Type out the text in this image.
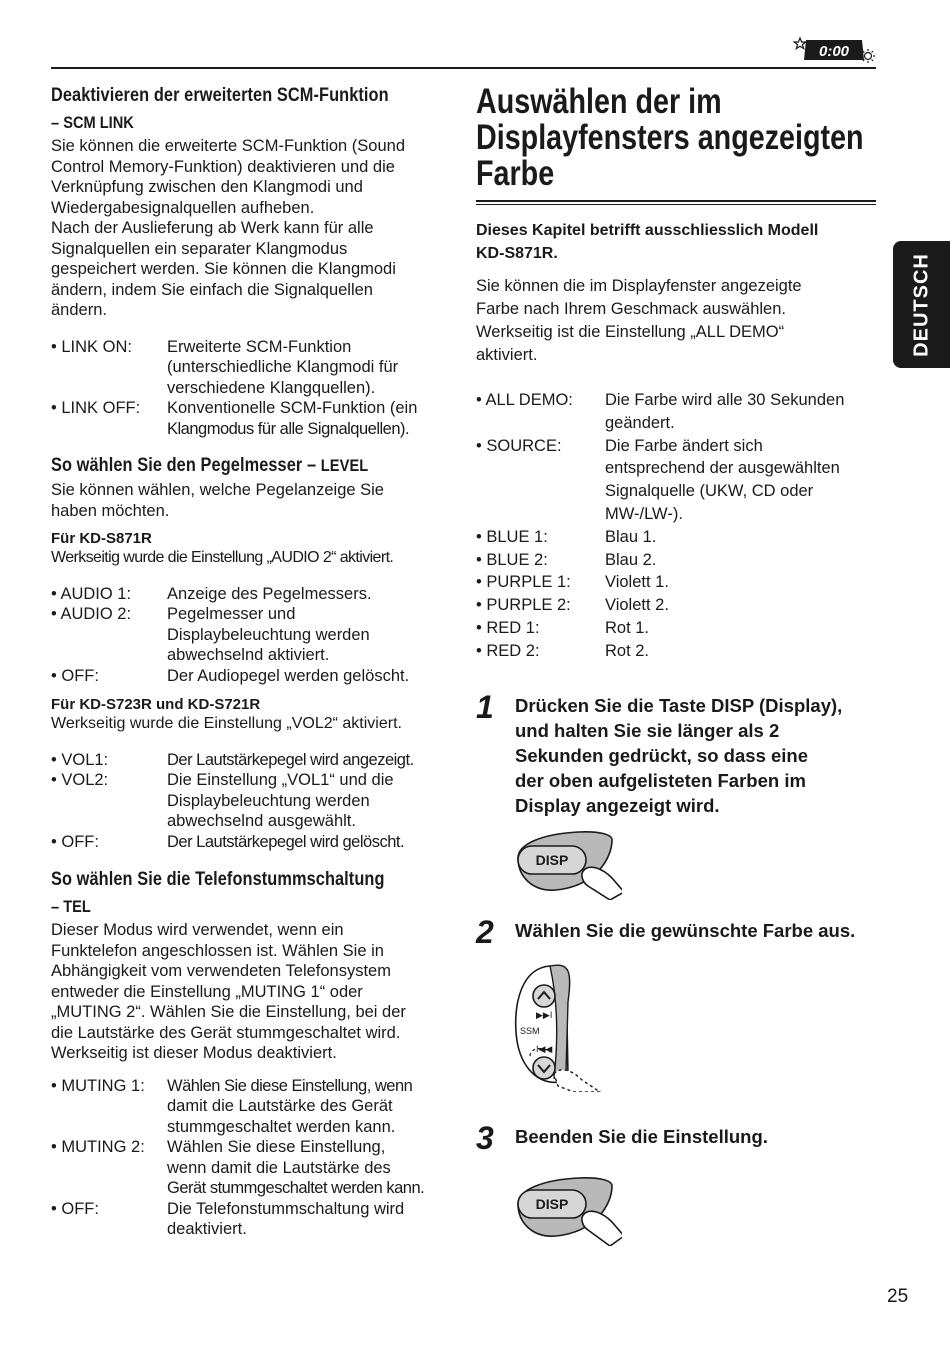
0:00
Deaktivieren der erweiterten SCM-Funktion
– SCM LINK
Sie können die erweiterte SCM-Funktion (Sound
Control Memory-Funktion) deaktivieren und die
Verknüpfung zwischen den Klangmodi und
Wiedergabesignalquellen aufheben.
Nach der Auslieferung ab Werk kann für alle
Signalquellen ein separater Klangmodus
gespeichert werden. Sie können die Klangmodi
ändern, indem Sie einfach die Signalquellen
ändern.
• LINK ON:	Erweiterte SCM-Funktion
(unterschiedliche Klangmodi für
verschiedene Klangquellen).
• LINK OFF:	Konventionelle SCM-Funktion (ein
Klangmodus für alle Signalquellen).
So wählen Sie den Pegelmesser – LEVEL
Sie können wählen, welche Pegelanzeige Sie
haben möchten.
Für KD-S871R
Werkseitig wurde die Einstellung „AUDIO 2“ aktiviert.
• AUDIO 1:	Anzeige des Pegelmessers.
• AUDIO 2:	Pegelmesser und
Displaybeleuchtung werden
abwechselnd aktiviert.
• OFF:	Der Audiopegel werden gelöscht.
Für KD-S723R und KD-S721R
Werkseitig wurde die Einstellung „VOL2“ aktiviert.
• VOL1:	Der Lautstärkepegel wird angezeigt.
• VOL2:	Die Einstellung „VOL1“ und die
Displaybeleuchtung werden
abwechselnd ausgewählt.
• OFF:	Der Lautstärkepegel wird gelöscht.
So wählen Sie die Telefonstummschaltung
– TEL
Dieser Modus wird verwendet, wenn ein
Funktelefon angeschlossen ist. Wählen Sie in
Abhängigkeit vom verwendeten Telefonsystem
entweder die Einstellung „MUTING 1“ oder
„MUTING 2“. Wählen Sie die Einstellung, bei der
die Lautstärke des Gerät stummgeschaltet wird.
Werkseitig ist dieser Modus deaktiviert.
• MUTING 1:	Wählen Sie diese Einstellung, wenn
damit die Lautstärke des Gerät
stummgeschaltet werden kann.
• MUTING 2:	Wählen Sie diese Einstellung,
wenn damit die Lautstärke des
Gerät stummgeschaltet werden kann.
• OFF:	Die Telefonstummschaltung wird
deaktiviert.
Auswählen der im
Displayfensters angezeigten
Farbe
Dieses Kapitel betrifft ausschliesslich Modell
KD-S871R.
Sie können die im Displayfenster angezeigte
Farbe nach Ihrem Geschmack auswählen.
Werkseitig ist die Einstellung „ALL DEMO“
aktiviert.
• ALL DEMO:	Die Farbe wird alle 30 Sekunden
geändert.
• SOURCE:	Die Farbe ändert sich
entsprechend der ausgewählten
Signalquelle (UKW, CD oder
MW-/LW-).
• BLUE 1:	Blau 1.
• BLUE 2:	Blau 2.
• PURPLE 1:	Violett 1.
• PURPLE 2:	Violett 2.
• RED 1:	Rot 1.
• RED 2:	Rot 2.
1	Drücken Sie die Taste DISP (Display),
und halten Sie sie länger als 2
Sekunden gedrückt, so dass eine
der oben aufgelisteten Farben im
Display angezeigt wird.
DISP
2	Wählen Sie die gewünschte Farbe aus.
▶▶I
SSM
I◀◀
3	Beenden Sie die Einstellung.
DISP
DEUTSCH
25
